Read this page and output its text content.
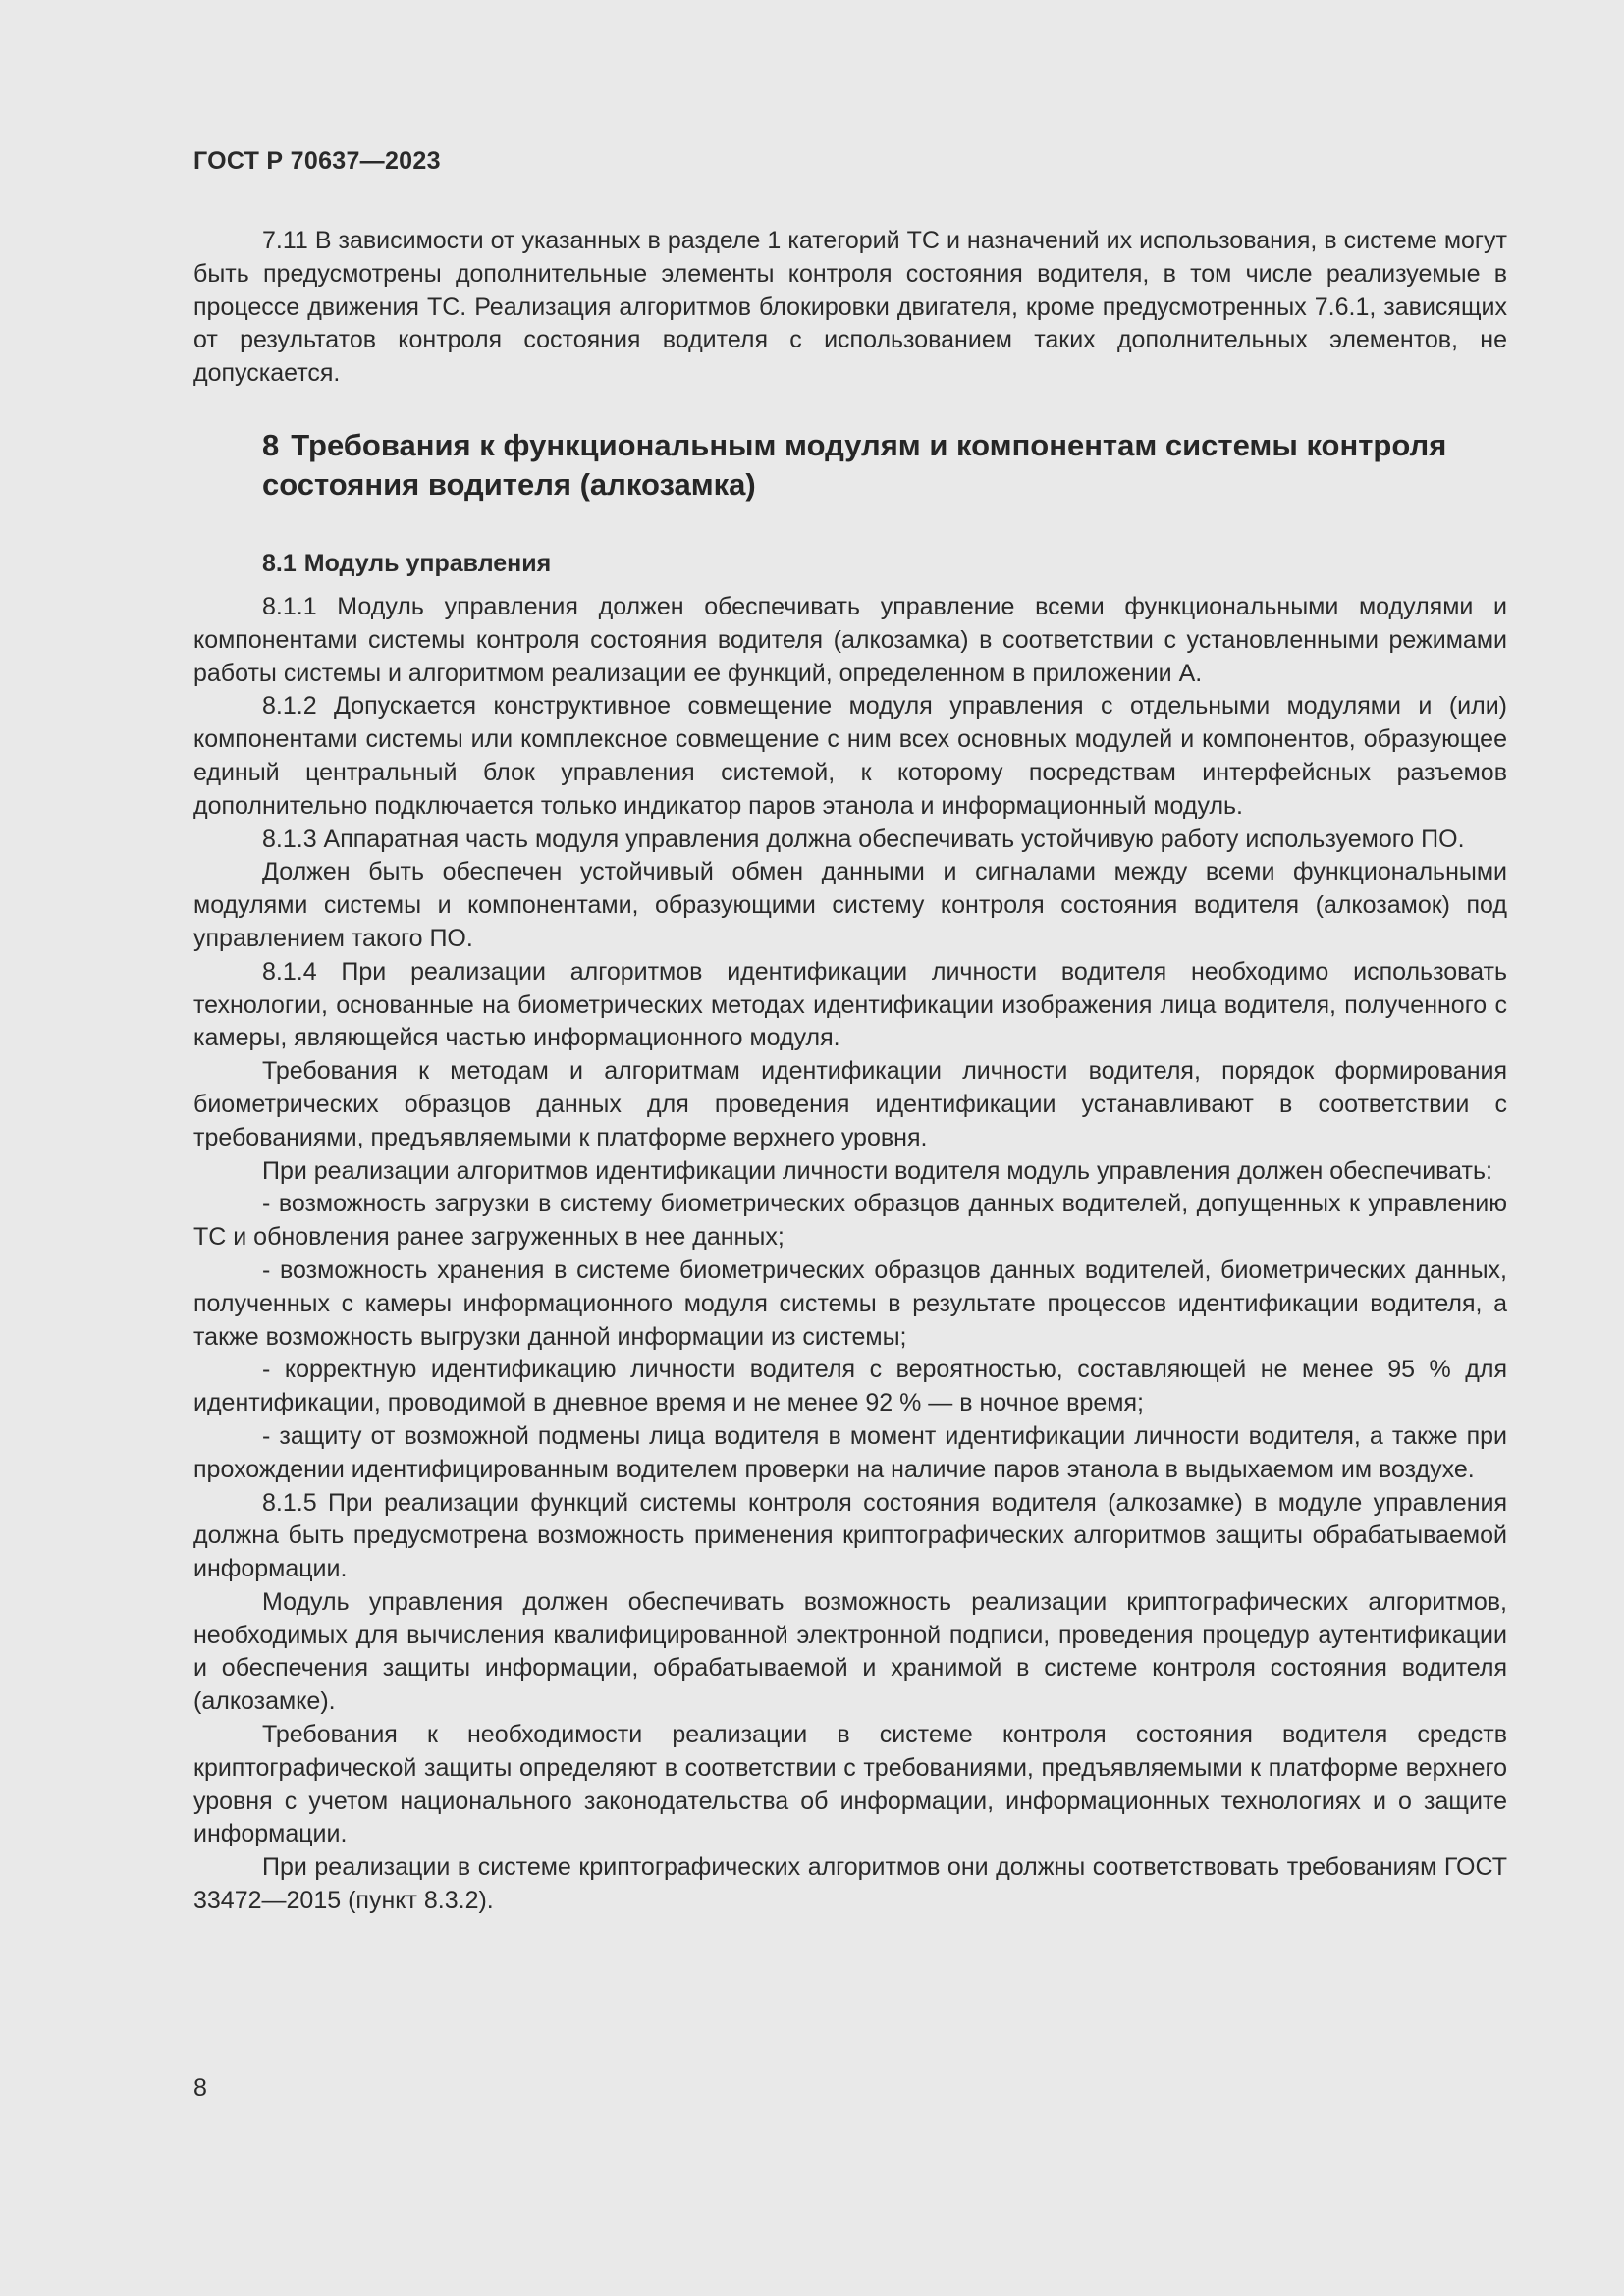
ГОСТ Р 70637—2023

7.11 В зависимости от указанных в разделе 1 категорий ТС и назначений их использования, в системе могут быть предусмотрены дополнительные элементы контроля состояния водителя, в том числе реализуемые в процессе движения ТС. Реализация алгоритмов блокировки двигателя, кроме предусмотренных 7.6.1, зависящих от результатов контроля состояния водителя с использованием таких дополнительных элементов, не допускается.

8 Требования к функциональным модулям и компонентам системы контроля состояния водителя (алкозамка)
8.1 Модуль управления

8.1.1 Модуль управления должен обеспечивать управление всеми функциональными модулями и компонентами системы контроля состояния водителя (алкозамка) в соответствии с установленными режимами работы системы и алгоритмом реализации ее функций, определенном в приложении А.

8.1.2 Допускается конструктивное совмещение модуля управления с отдельными модулями и (или) компонентами системы или комплексное совмещение с ним всех основных модулей и компонентов, образующее единый центральный блок управления системой, к которому посредствам интерфейсных разъемов дополнительно подключается только индикатор паров этанола и информационный модуль.

8.1.3 Аппаратная часть модуля управления должна обеспечивать устойчивую работу используемого ПО.

Должен быть обеспечен устойчивый обмен данными и сигналами между всеми функциональными модулями системы и компонентами, образующими систему контроля состояния водителя (алкозамок) под управлением такого ПО.

8.1.4 При реализации алгоритмов идентификации личности водителя необходимо использовать технологии, основанные на биометрических методах идентификации изображения лица водителя, полученного с камеры, являющейся частью информационного модуля.

Требования к методам и алгоритмам идентификации личности водителя, порядок формирования биометрических образцов данных для проведения идентификации устанавливают в соответствии с требованиями, предъявляемыми к платформе верхнего уровня.

При реализации алгоритмов идентификации личности водителя модуль управления должен обеспечивать:

- возможность загрузки в систему биометрических образцов данных водителей, допущенных к управлению ТС и обновления ранее загруженных в нее данных;

- возможность хранения в системе биометрических образцов данных водителей, биометрических данных, полученных с камеры информационного модуля системы в результате процессов идентификации водителя, а также возможность выгрузки данной информации из системы;

- корректную идентификацию личности водителя с вероятностью, составляющей не менее 95 % для идентификации, проводимой в дневное время и не менее 92 % — в ночное время;

- защиту от возможной подмены лица водителя в момент идентификации личности водителя, а также при прохождении идентифицированным водителем проверки на наличие паров этанола в выдыхаемом им воздухе.

8.1.5 При реализации функций системы контроля состояния водителя (алкозамке) в модуле управления должна быть предусмотрена возможность применения криптографических алгоритмов защиты обрабатываемой информации.

Модуль управления должен обеспечивать возможность реализации криптографических алгоритмов, необходимых для вычисления квалифицированной электронной подписи, проведения процедур аутентификации и обеспечения защиты информации, обрабатываемой и хранимой в системе контроля состояния водителя (алкозамке).

Требования к необходимости реализации в системе контроля состояния водителя средств криптографической защиты определяют в соответствии с требованиями, предъявляемыми к платформе верхнего уровня с учетом национального законодательства об информации, информационных технологиях и о защите информации.

При реализации в системе криптографических алгоритмов они должны соответствовать требованиям ГОСТ 33472—2015 (пункт 8.3.2).

8
